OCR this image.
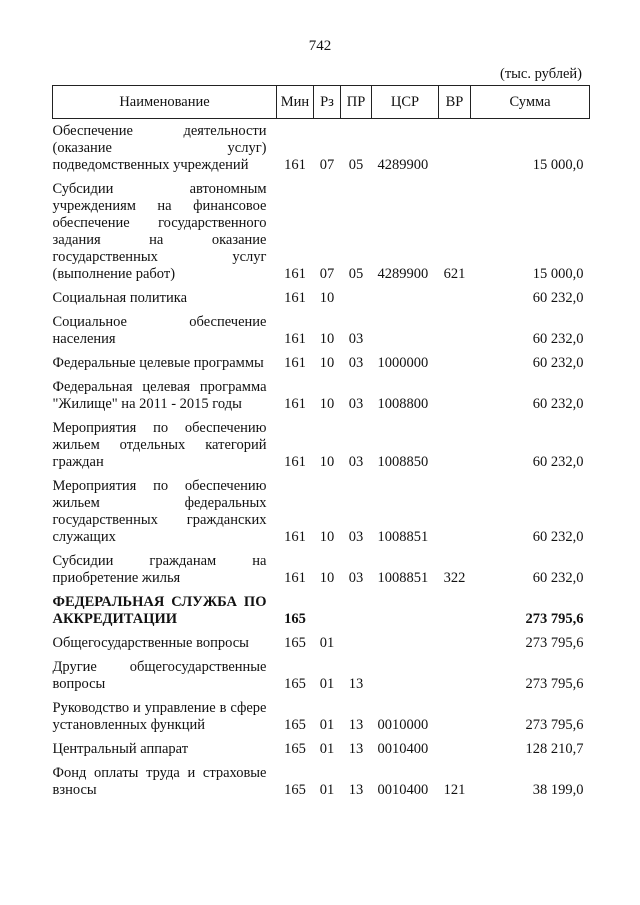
742
(тыс. рублей)
Наименование	Мин	Рз	ПР	ЦСР	ВР	Сумма

Обеспечение деятельности (оказание услуг) подведомственных учреждений	161	07	05	4289900		15 000,0

Субсидии автономным учреждениям на финансовое обеспечение государственного задания на оказание государственных услуг (выполнение работ)	161	07	05	4289900	621	15 000,0

Социальная политика	161	10				60 232,0

Социальное обеспечение населения	161	10	03			60 232,0

Федеральные целевые программы	161	10	03	1000000		60 232,0

Федеральная целевая программа "Жилище" на 2011 - 2015 годы	161	10	03	1008800		60 232,0

Мероприятия по обеспечению жильем отдельных категорий граждан	161	10	03	1008850		60 232,0

Мероприятия по обеспечению жильем федеральных государственных гражданских служащих	161	10	03	1008851		60 232,0

Субсидии гражданам на приобретение жилья	161	10	03	1008851	322	60 232,0

ФЕДЕРАЛЬНАЯ СЛУЖБА ПО АККРЕДИТАЦИИ	165					273 795,6

Общегосударственные вопросы	165	01				273 795,6

Другие общегосударственные вопросы	165	01	13			273 795,6

Руководство и управление в сфере установленных функций	165	01	13	0010000		273 795,6

Центральный аппарат	165	01	13	0010400		128 210,7

Фонд оплаты труда и страховые взносы	165	01	13	0010400	121	38 199,0
